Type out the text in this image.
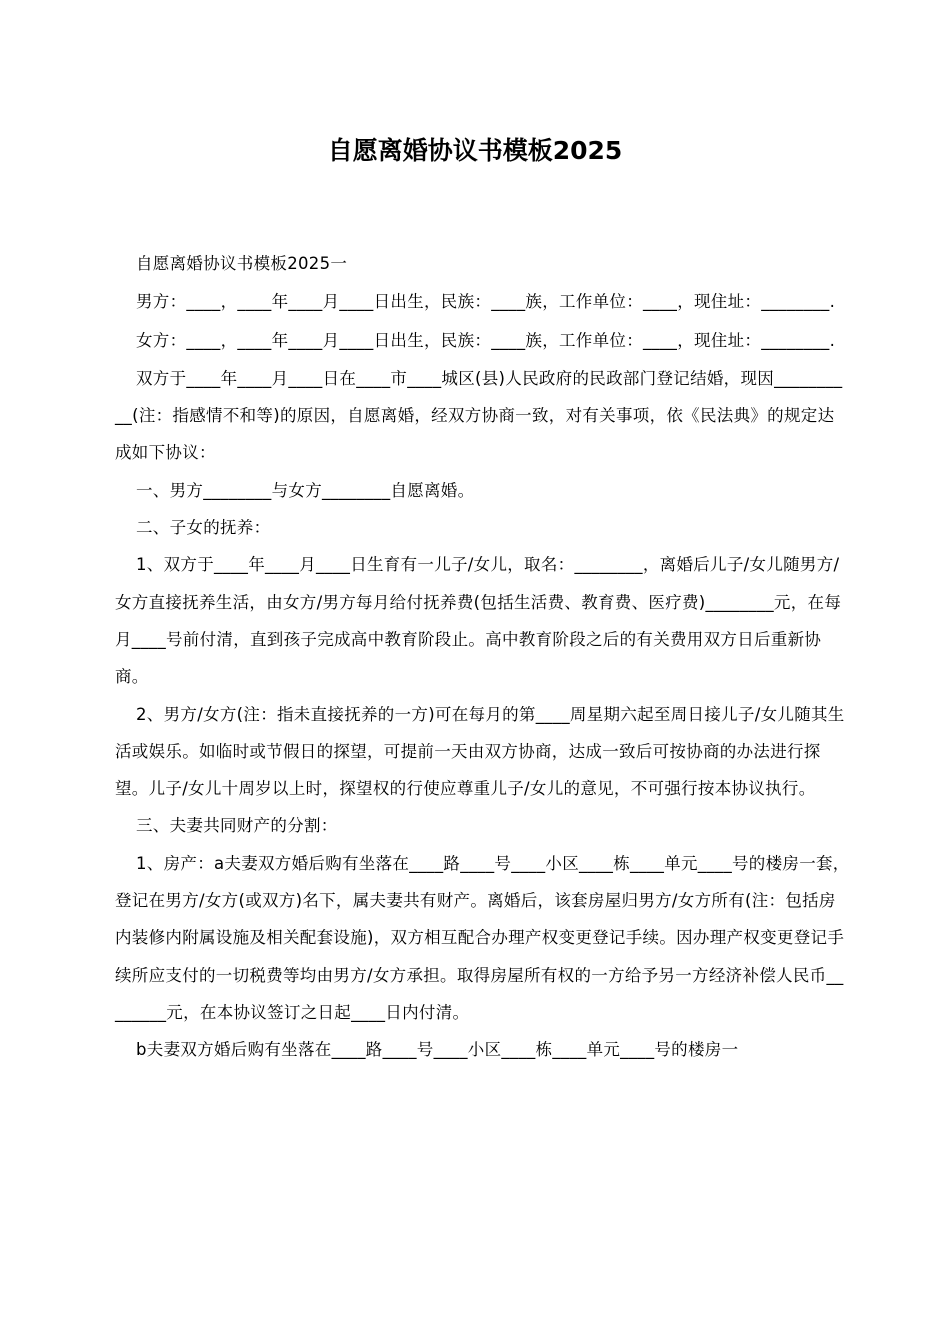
自愿离婚协议书模板2025

自愿离婚协议书模板2025一

男方：____，____年____月____日出生，民族：____族，工作单位：____，现住址：________.

女方：____，____年____月____日出生，民族：____族，工作单位：____，现住址：________.

双方于____年____月____日在____市____城区(县)人民政府的民政部门登记结婚，现因__________(注：指感情不和等)的原因，自愿离婚，经双方协商一致，对有关事项，依《民法典》的规定达成如下协议：

一、男方________与女方________自愿离婚。

二、子女的抚养：

1、双方于____年____月____日生育有一儿子/女儿，取名：________，离婚后儿子/女儿随男方/女方直接抚养生活，由女方/男方每月给付抚养费(包括生活费、教育费、医疗费)________元，在每月____号前付清，直到孩子完成高中教育阶段止。高中教育阶段之后的有关费用双方日后重新协商。

2、男方/女方(注：指未直接抚养的一方)可在每月的第____周星期六起至周日接儿子/女儿随其生活或娱乐。如临时或节假日的探望，可提前一天由双方协商，达成一致后可按协商的办法进行探望。儿子/女儿十周岁以上时，探望权的行使应尊重儿子/女儿的意见，不可强行按本协议执行。

三、夫妻共同财产的分割：

1、房产：a夫妻双方婚后购有坐落在____路____号____小区____栋____单元____号的楼房一套，登记在男方/女方(或双方)名下，属夫妻共有财产。离婚后，该套房屋归男方/女方所有(注：包括房内装修内附属设施及相关配套设施)，双方相互配合办理产权变更登记手续。因办理产权变更登记手续所应支付的一切税费等均由男方/女方承担。取得房屋所有权的一方给予另一方经济补偿人民币________元，在本协议签订之日起____日内付清。

b夫妻双方婚后购有坐落在____路____号____小区____栋____单元____号的楼房一
